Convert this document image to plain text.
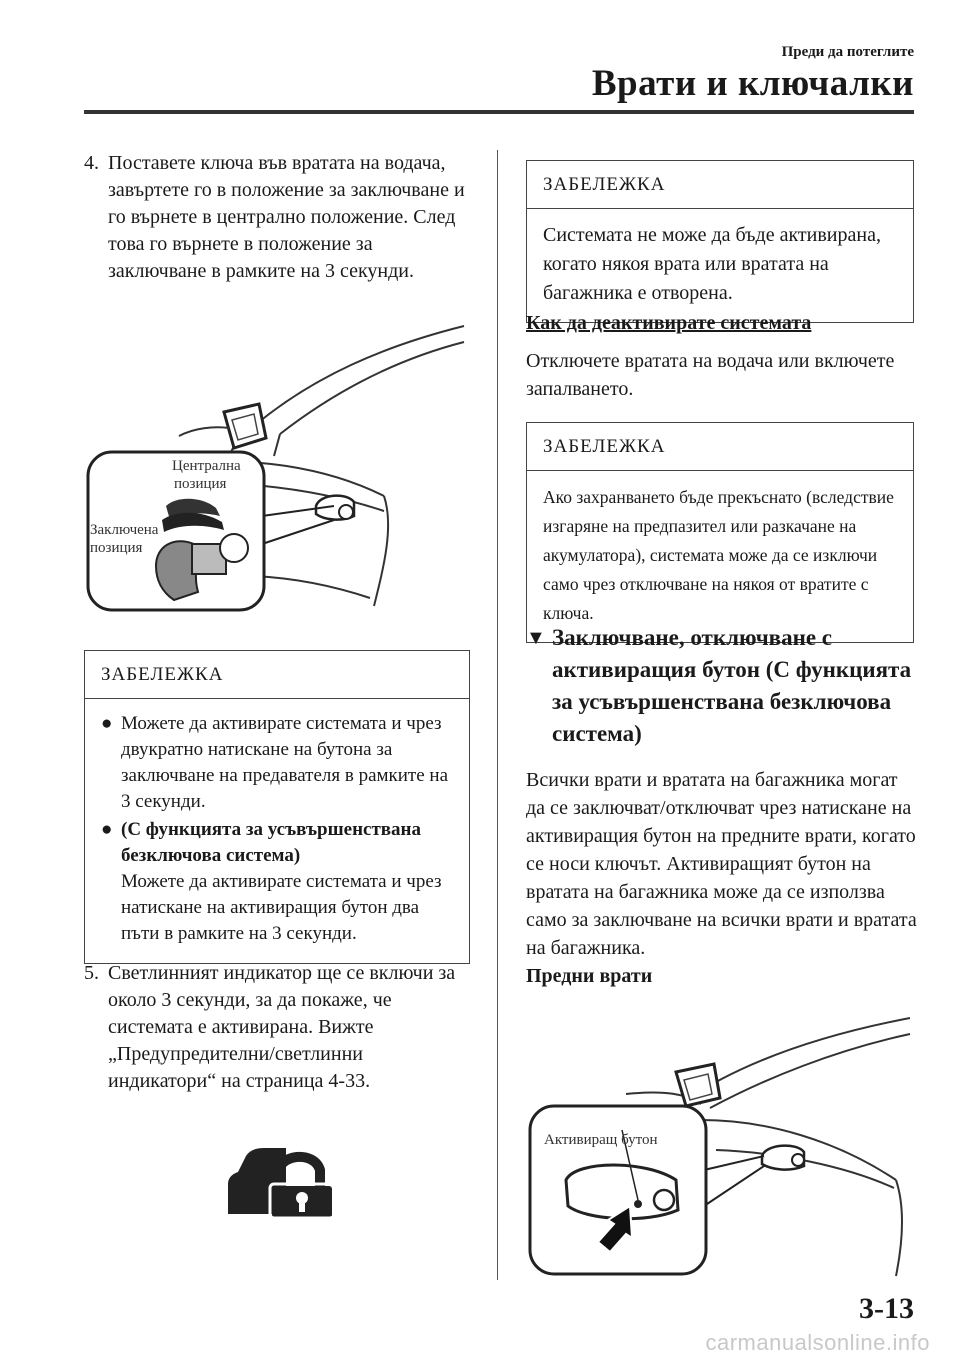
Преди да потеглите
Врати и ключалки
4. Поставете ключа във вратата на водача, завъртете го в положение за заключване и го върнете в централно положение. След това го върнете в положение за заключване в рамките на 3 секунди.
Централна
позиция
Заключена
позиция
ЗАБЕЛЕЖКА
● Можете да активирате системата и чрез двукратно натискане на бутона за заключване на предавателя в рамките на 3 секунди.
● (С функцията за усъвършенствана безключова система)
Можете да активирате системата и чрез натискане на активиращия бутон два пъти в рамките на 3 секунди.
5. Светлинният индикатор ще се включи за около 3 секунди, за да покаже, че системата е активирана. Вижте „Предупредителни/светлинни индикатори“ на страница 4-33.
ЗАБЕЛЕЖКА
Системата не може да бъде активирана, когато някоя врата или вратата на багажника е отворена.
Как да деактивирате системата
Отключете вратата на водача или включете запалването.
ЗАБЕЛЕЖКА
Ако захранването бъде прекъснато (вследствие изгаряне на предпазител или разкачане на акумулатора), системата може да се изключи само чрез отключване на някоя от вратите с ключа.
▼ Заключване, отключване с активиращия бутон (С функцията за усъвършенствана безключова система)
Всички врати и вратата на багажника могат да се заключват/отключват чрез натискане на активиращия бутон на предните врати, когато се носи ключът. Активиращият бутон на вратата на багажника може да се използва само за заключване на всички врати и вратата на багажника.
Предни врати
Активиращ бутон
3-13
carmanualsonline.info
